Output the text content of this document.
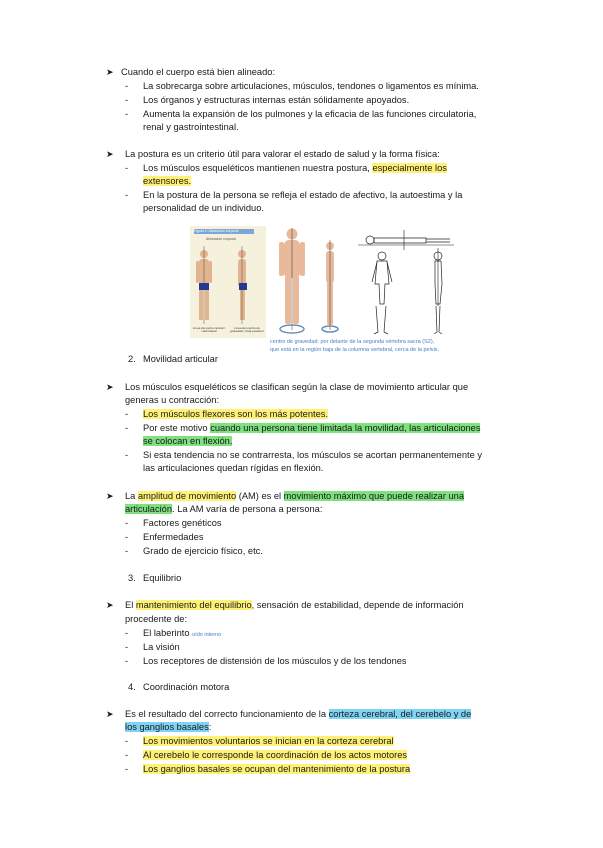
➤ Cuando el cuerpo está bien alineado:
- La sobrecarga sobre articulaciones, músculos, tendones o ligamentos es mínima.
- Los órganos y estructuras internas están sólidamente apoyados.
- Aumenta la expansión de los pulmones y la eficacia de las funciones circulatoria,
renal y gastrointestinal.
➤ La postura es un criterio útil para valorar el estado de salud y la forma física:
- Los músculos esqueléticos mantienen nuestra postura, especialmente los
extensores.
- En la postura de la persona se refleja el estado de afectivo, la autoestima y la
personalidad de un individuo.
Figura 1: Alineación corporal
Alineación corporal
Línea del punto central / vista lateral
Línea del centro de gravedad / vista posterior
centro de gravedad: por delante de la segunda vértebra sacra (S2),
que está en la región baja de la columna vertebral, cerca de la pelvis.
2. Movilidad articular
➤ Los músculos esqueléticos se clasifican según la clase de movimiento articular que
generas u contracción:
- Los músculos flexores son los más potentes.
- Por este motivo cuando una persona tiene limitada la movilidad, las articulaciones
se colocan en flexión.
- Si esta tendencia no se contrarresta, los músculos se acortan permanentemente y
las articulaciones quedan rígidas en flexión.
➤ La amplitud de movimiento (AM) es el movimiento máximo que puede realizar una
articulación. La AM varía de persona a persona:
- Factores genéticos
- Enfermedades
- Grado de ejercicio físico, etc.
3. Equilibrio
➤ El mantenimiento del equilibrio, sensación de estabilidad, depende de información
procedente de:
- El laberinto oído interno
- La visión
- Los receptores de distensión de los músculos y de los tendones
4. Coordinación motora
➤ Es el resultado del correcto funcionamiento de la corteza cerebral, del cerebelo y de
los ganglios basales:
- Los movimientos voluntarios se inician en la corteza cerebral
- Al cerebelo le corresponde la coordinación de los actos motores
- Los ganglios basales se ocupan del mantenimiento de la postura
